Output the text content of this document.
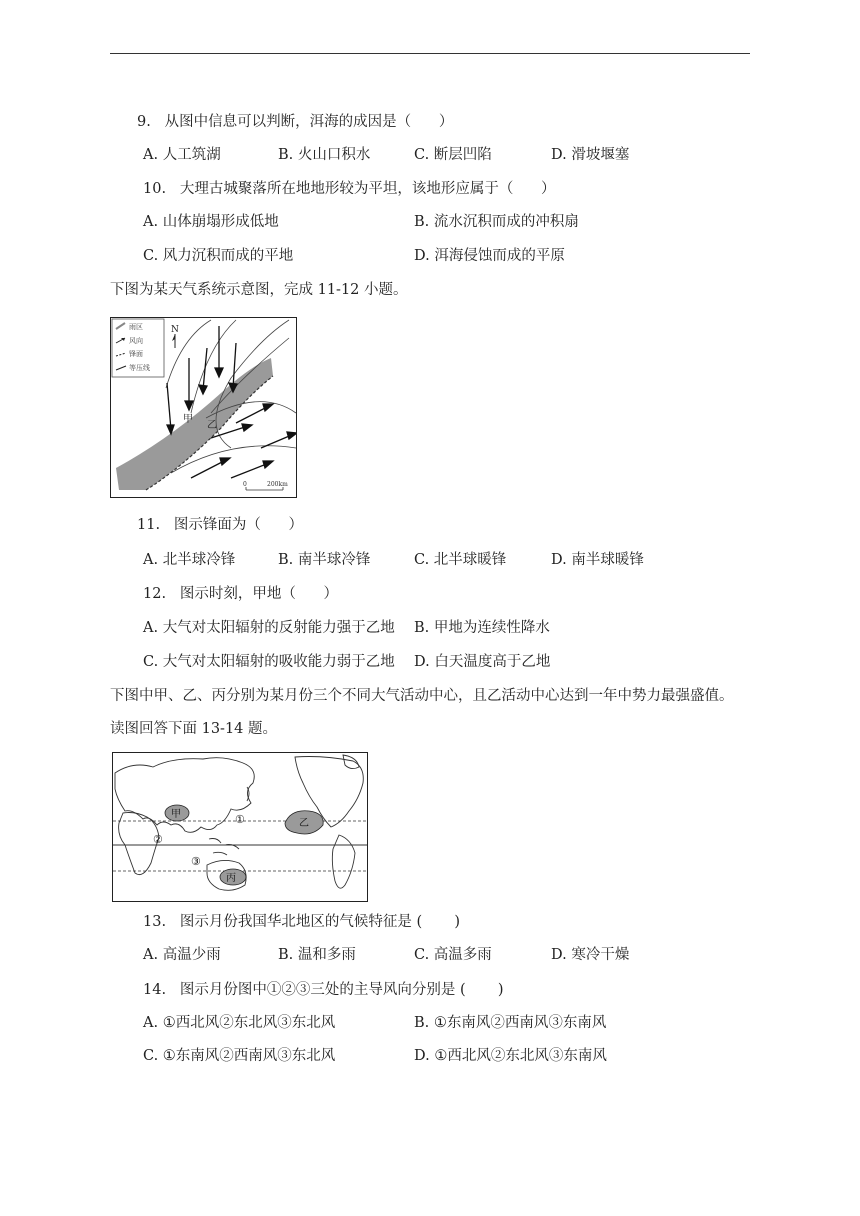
9.   从图中信息可以判断，洱海的成因是（      ）
A. 人工筑湖	B. 火山口积水	C. 断层凹陷	D. 滑坡堰塞
10.   大理古城聚落所在地地形较为平坦，该地形应属于（      ）
A. 山体崩塌形成低地	B. 流水沉积而成的冲积扇
C. 风力沉积而成的平地	D. 洱海侵蚀而成的平原
下图为某天气系统示意图，完成 11-12 小题。
雨区
风向
锋面
等压线
N
甲
乙
0	200km
11.   图示锋面为（      ）
A. 北半球冷锋	B. 南半球冷锋	C. 北半球暖锋	D. 南半球暖锋
12.   图示时刻，甲地（      ）
A. 大气对太阳辐射的反射能力强于乙地 B. 甲地为连续性降水
C. 大气对太阳辐射的吸收能力弱于乙地 D. 白天温度高于乙地
下图中甲、乙、丙分别为某月份三个不同大气活动中心，且乙活动中心达到一年中势力最强盛值。
读图回答下面 13-14 题。
甲
乙
丙
①
②
③
13.   图示月份我国华北地区的气候特征是 (       )
A. 高温少雨	B. 温和多雨	C. 高温多雨	D. 寒冷干燥
14.   图示月份图中①②③三处的主导风向分别是 (       )
A. ①西北风②东北风③东北风	B. ①东南风②西南风③东南风
C. ①东南风②西南风③东北风	D. ①西北风②东北风③东南风
